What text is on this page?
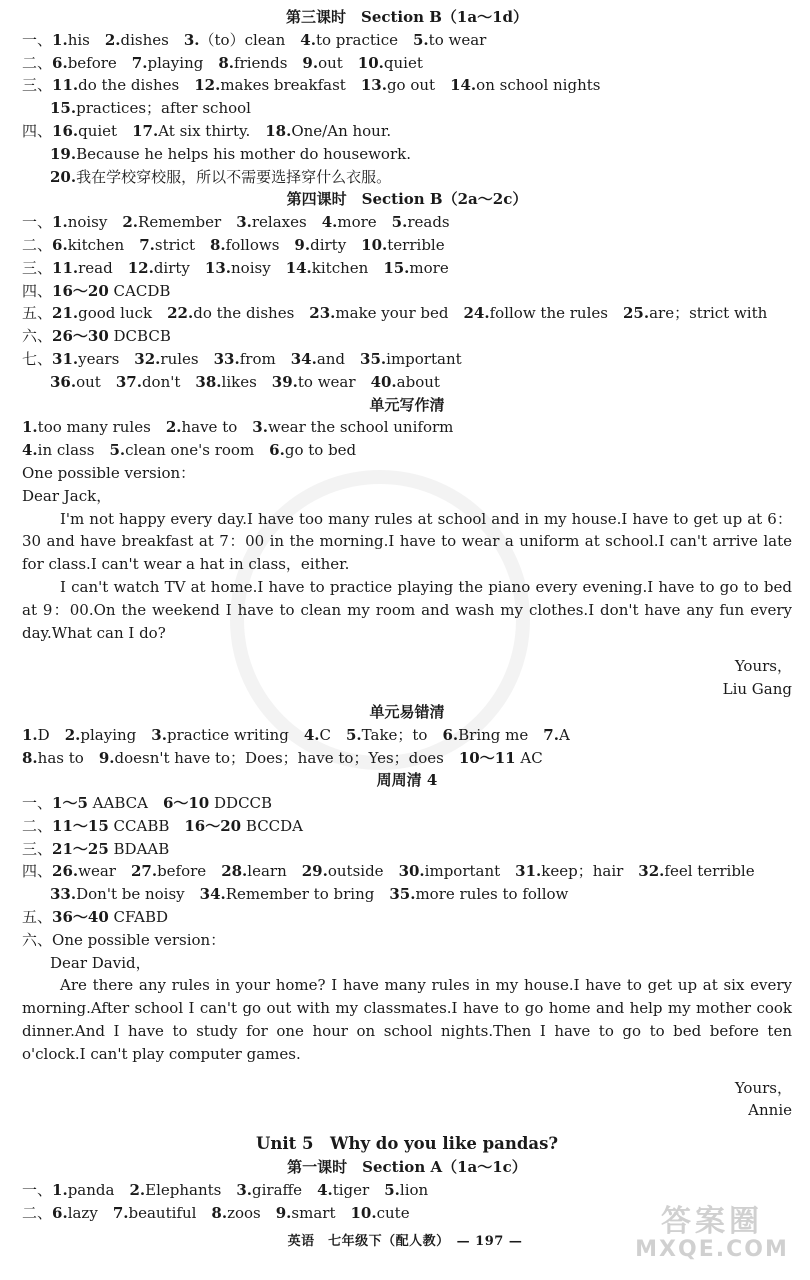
第三课时　Section B（1a～1d）
一、1.his　2.dishes　3.（to）clean　4.to practice　5.to wear
二、6.before　7.playing　8.friends　9.out　10.quiet
三、11.do the dishes　12.makes breakfast　13.go out　14.on school nights
15.practices；after school
四、16.quiet　17.At six thirty.　18.One/An hour.
19.Because he helps his mother do housework.
20.我在学校穿校服，所以不需要选择穿什么衣服。
第四课时　Section B（2a～2c）
一、1.noisy　2.Remember　3.relaxes　4.more　5.reads
二、6.kitchen　7.strict　8.follows　9.dirty　10.terrible
三、11.read　12.dirty　13.noisy　14.kitchen　15.more
四、16～20 CACDB
五、21.good luck　22.do the dishes　23.make your bed　24.follow the rules　25.are；strict with
六、26～30 DCBCB
七、31.years　32.rules　33.from　34.and　35.important
36.out　37.don't　38.likes　39.to wear　40.about
单元写作清
1.too many rules　2.have to　3.wear the school uniform
4.in class　5.clean one's room　6.go to bed
One possible version：
Dear Jack，
I'm not happy every day.I have too many rules at school and in my house.I have to get up at 6：30 and have breakfast at 7：00 in the morning.I have to wear a uniform at school.I can't arrive late for class.I can't wear a hat in class，either.
I can't watch TV at home.I have to practice playing the piano every evening.I have to go to bed at 9：00.On the weekend I have to clean my room and wash my clothes.I don't have any fun every day.What can I do?
Yours，
Liu Gang
单元易错清
1.D　2.playing　3.practice writing　4.C　5.Take；to　6.Bring me　7.A
8.has to　9.doesn't have to；Does；have to；Yes；does　10～11 AC
周周清 4
一、1～5 AABCA　6～10 DDCCB
二、11～15 CCABB　16～20 BCCDA
三、21～25 BDAAB
四、26.wear　27.before　28.learn　29.outside　30.important　31.keep；hair　32.feel terrible
33.Don't be noisy　34.Remember to bring　35.more rules to follow
五、36～40 CFABD
六、One possible version：
Dear David，
Are there any rules in your home? I have many rules in my house.I have to get up at six every morning.After school I can't go out with my classmates.I have to go home and help my mother cook dinner.And I have to study for one hour on school nights.Then I have to go to bed before ten o'clock.I can't play computer games.
Yours，
Annie
Unit 5　Why do you like pandas?
第一课时　Section A（1a～1c）
一、1.panda　2.Elephants　3.giraffe　4.tiger　5.lion
二、6.lazy　7.beautiful　8.zoos　9.smart　10.cute
英语　七年级下（配人教）　— 197 —
答案圈
MXQE.COM
